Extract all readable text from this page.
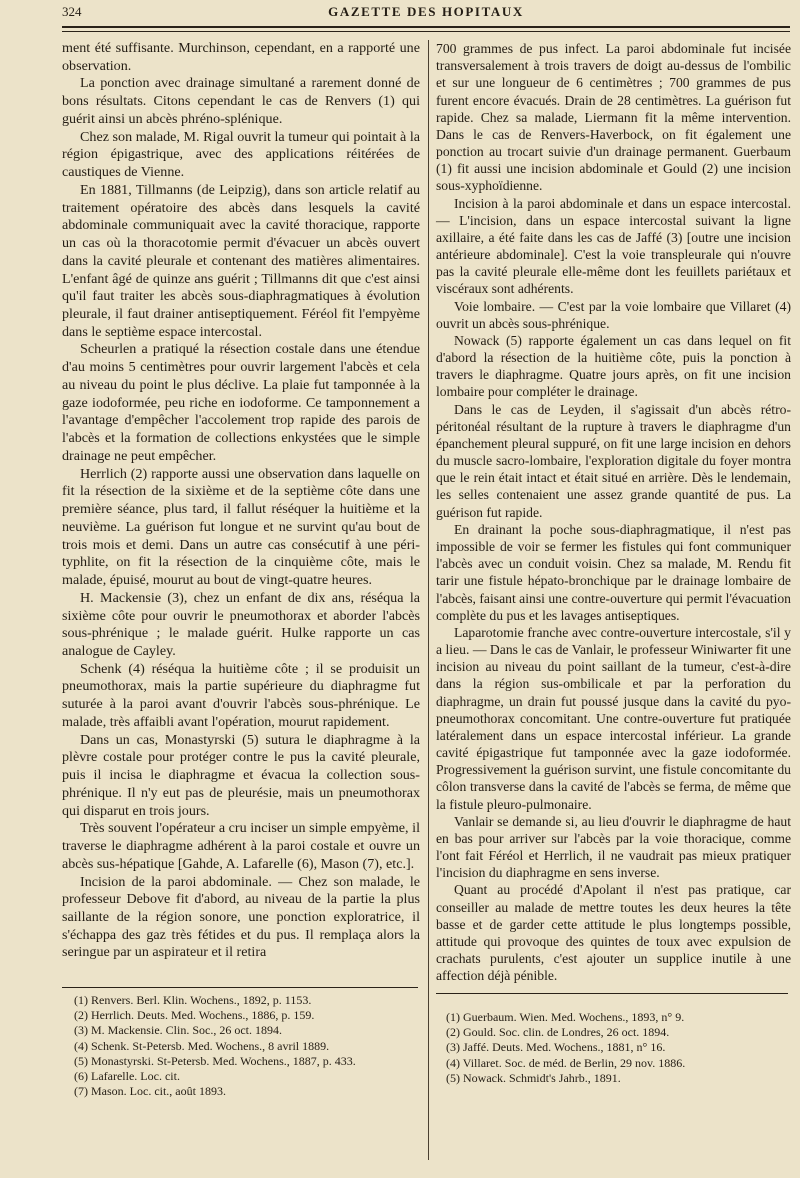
324	GAZETTE DES HOPITAUX

ment été suffisante. Murchinson, cependant, en a rapporté une observation.

La ponction avec drainage simultané a rarement donné de bons résultats. Citons cependant le cas de Renvers (1) qui guérit ainsi un abcès phréno-splénique.

Chez son malade, M. Rigal ouvrit la tumeur qui pointait à la région épigastrique, avec des applications réitérées de caustiques de Vienne.

En 1881, Tillmanns (de Leipzig), dans son article relatif au traitement opératoire des abcès dans lesquels la cavité abdominale communiquait avec la cavité thoracique, rapporte un cas où la thoracotomie permit d'évacuer un abcès ouvert dans la cavité pleurale et contenant des matières alimentaires. L'enfant âgé de quinze ans guérit ; Tillmanns dit que c'est ainsi qu'il faut traiter les abcès sous-diaphragmatiques à évolution pleurale, il faut drainer antiseptiquement. Féréol fit l'empyème dans le septième espace intercostal.

Scheurlen a pratiqué la résection costale dans une étendue d'au moins 5 centimètres pour ouvrir largement l'abcès et cela au niveau du point le plus déclive. La plaie fut tamponnée à la gaze iodoformée, peu riche en iodoforme. Ce tamponnement a l'avantage d'empêcher l'accolement trop rapide des parois de l'abcès et la formation de collections enkystées que le simple drainage ne peut empêcher.

Herrlich (2) rapporte aussi une observation dans laquelle on fit la résection de la sixième et de la septième côte dans une première séance, plus tard, il fallut réséquer la huitième et la neuvième. La guérison fut longue et ne survint qu'au bout de trois mois et demi. Dans un autre cas consécutif à une péri-typhlite, on fit la résection de la cinquième côte, mais le malade, épuisé, mourut au bout de vingt-quatre heures.

H. Mackensie (3), chez un enfant de dix ans, réséqua la sixième côte pour ouvrir le pneumothorax et aborder l'abcès sous-phrénique ; le malade guérit. Hulke rapporte un cas analogue de Cayley.

Schenk (4) réséqua la huitième côte ; il se produisit un pneumothorax, mais la partie supérieure du diaphragme fut suturée à la paroi avant d'ouvrir l'abcès sous-phrénique. Le malade, très affaibli avant l'opération, mourut rapidement.

Dans un cas, Monastyrski (5) sutura le diaphragme à la plèvre costale pour protéger contre le pus la cavité pleurale, puis il incisa le diaphragme et évacua la collection sous-phrénique. Il n'y eut pas de pleurésie, mais un pneumothorax qui disparut en trois jours.

Très souvent l'opérateur a cru inciser un simple empyème, il traverse le diaphragme adhérent à la paroi costale et ouvre un abcès sus-hépatique [Gahde, A. Lafarelle (6), Mason (7), etc.].

Incision de la paroi abdominale. — Chez son malade, le professeur Debove fit d'abord, au niveau de la partie la plus saillante de la région sonore, une ponction exploratrice, il s'échappa des gaz très fétides et du pus. Il remplaça alors la seringue par un aspirateur et il retira

700 grammes de pus infect. La paroi abdominale fut incisée transversalement à trois travers de doigt au-dessus de l'ombilic et sur une longueur de 6 centimètres ; 700 grammes de pus furent encore évacués. Drain de 28 centimètres. La guérison fut rapide. Chez sa malade, Liermann fit la même intervention. Dans le cas de Renvers-Haverbock, on fit également une ponction au trocart suivie d'un drainage permanent. Guerbaum (1) fit aussi une incision abdominale et Gould (2) une incision sous-xyphoïdienne.

Incision à la paroi abdominale et dans un espace intercostal. — L'incision, dans un espace intercostal suivant la ligne axillaire, a été faite dans les cas de Jaffé (3) [outre une incision antérieure abdominale]. C'est la voie transpleurale qui n'ouvre pas la cavité pleurale elle-même dont les feuillets pariétaux et viscéraux sont adhérents.

Voie lombaire. — C'est par la voie lombaire que Villaret (4) ouvrit un abcès sous-phrénique.

Nowack (5) rapporte également un cas dans lequel on fit d'abord la résection de la huitième côte, puis la ponction à travers le diaphragme. Quatre jours après, on fit une incision lombaire pour compléter le drainage.

Dans le cas de Leyden, il s'agissait d'un abcès rétro-péritonéal résultant de la rupture à travers le diaphragme d'un épanchement pleural suppuré, on fit une large incision en dehors du muscle sacro-lombaire, l'exploration digitale du foyer montra que le rein était intact et était situé en arrière. Dès le lendemain, les selles contenaient une assez grande quantité de pus. La guérison fut rapide.

En drainant la poche sous-diaphragmatique, il n'est pas impossible de voir se fermer les fistules qui font communiquer l'abcès avec un conduit voisin. Chez sa malade, M. Rendu fit tarir une fistule hépato-bronchique par le drainage lombaire de l'abcès, faisant ainsi une contre-ouverture qui permit l'évacuation complète du pus et les lavages antiseptiques.

Laparotomie franche avec contre-ouverture intercostale, s'il y a lieu. — Dans le cas de Vanlair, le professeur Winiwarter fit une incision au niveau du point saillant de la tumeur, c'est-à-dire dans la région sus-ombilicale et par la perforation du diaphragme, un drain fut poussé jusque dans la cavité du pyo-pneumothorax concomitant. Une contre-ouverture fut pratiquée latéralement dans un espace intercostal inférieur. La grande cavité épigastrique fut tamponnée avec la gaze iodoformée. Progressivement la guérison survint, une fistule concomitante du côlon transverse dans la cavité de l'abcès se ferma, de même que la fistule pleuro-pulmonaire.

Vanlair se demande si, au lieu d'ouvrir le diaphragme de haut en bas pour arriver sur l'abcès par la voie thoracique, comme l'ont fait Féréol et Herrlich, il ne vaudrait pas mieux pratiquer l'incision du diaphragme en sens inverse.

Quant au procédé d'Apolant il n'est pas pratique, car conseiller au malade de mettre toutes les deux heures la tête basse et de garder cette attitude le plus longtemps possible, attitude qui provoque des quintes de toux avec expulsion de crachats purulents, c'est ajouter un supplice inutile à une affection déjà pénible.

(1) Renvers. Berl. Klin. Wochens., 1892, p. 1153.
(2) Herrlich. Deuts. Med. Wochens., 1886, p. 159.
(3) M. Mackensie. Clin. Soc., 26 oct. 1894.
(4) Schenk. St-Petersb. Med. Wochens., 8 avril 1889.
(5) Monastyrski. St-Petersb. Med. Wochens., 1887, p. 433.
(6) Lafarelle. Loc. cit.
(7) Mason. Loc. cit., août 1893.
(1) Guerbaum. Wien. Med. Wochens., 1893, n° 9.
(2) Gould. Soc. clin. de Londres, 26 oct. 1894.
(3) Jaffé. Deuts. Med. Wochens., 1881, n° 16.
(4) Villaret. Soc. de méd. de Berlin, 29 nov. 1886.
(5) Nowack. Schmidt's Jahrb., 1891.
